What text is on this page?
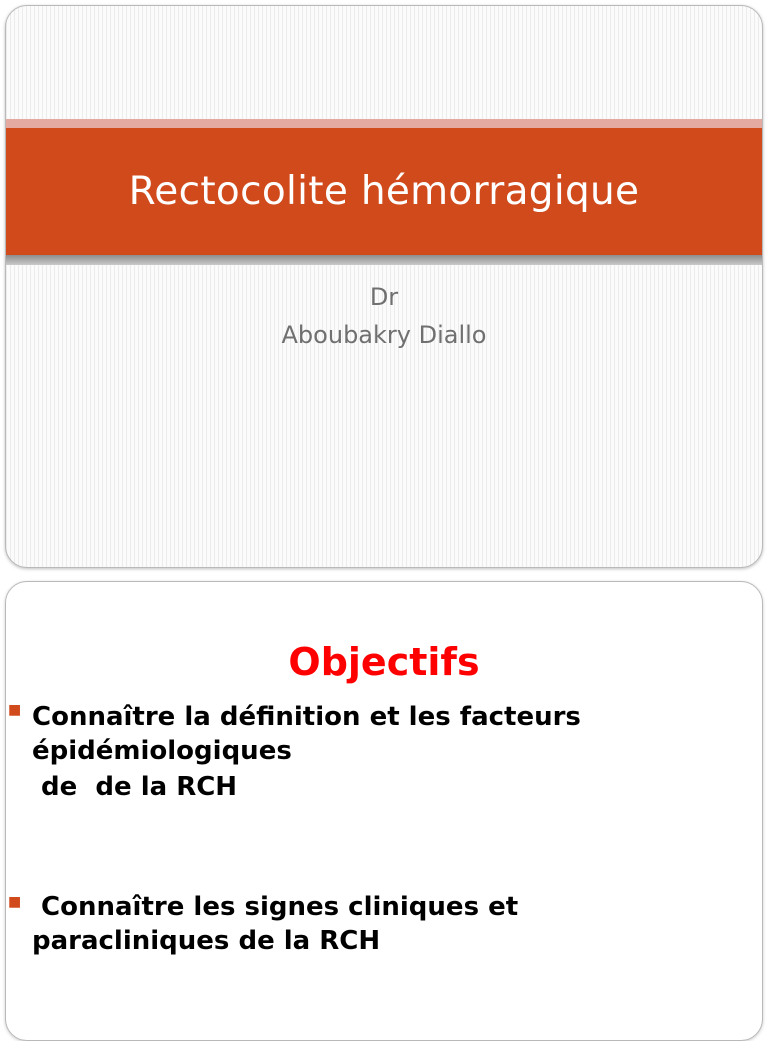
Rectocolite hémorragique
Dr
Aboubakry Diallo
Objectifs
■ Connaître la définition et les facteurs
épidémiologiques
de  de la RCH
■ Connaître les signes cliniques et
paracliniques de la RCH
